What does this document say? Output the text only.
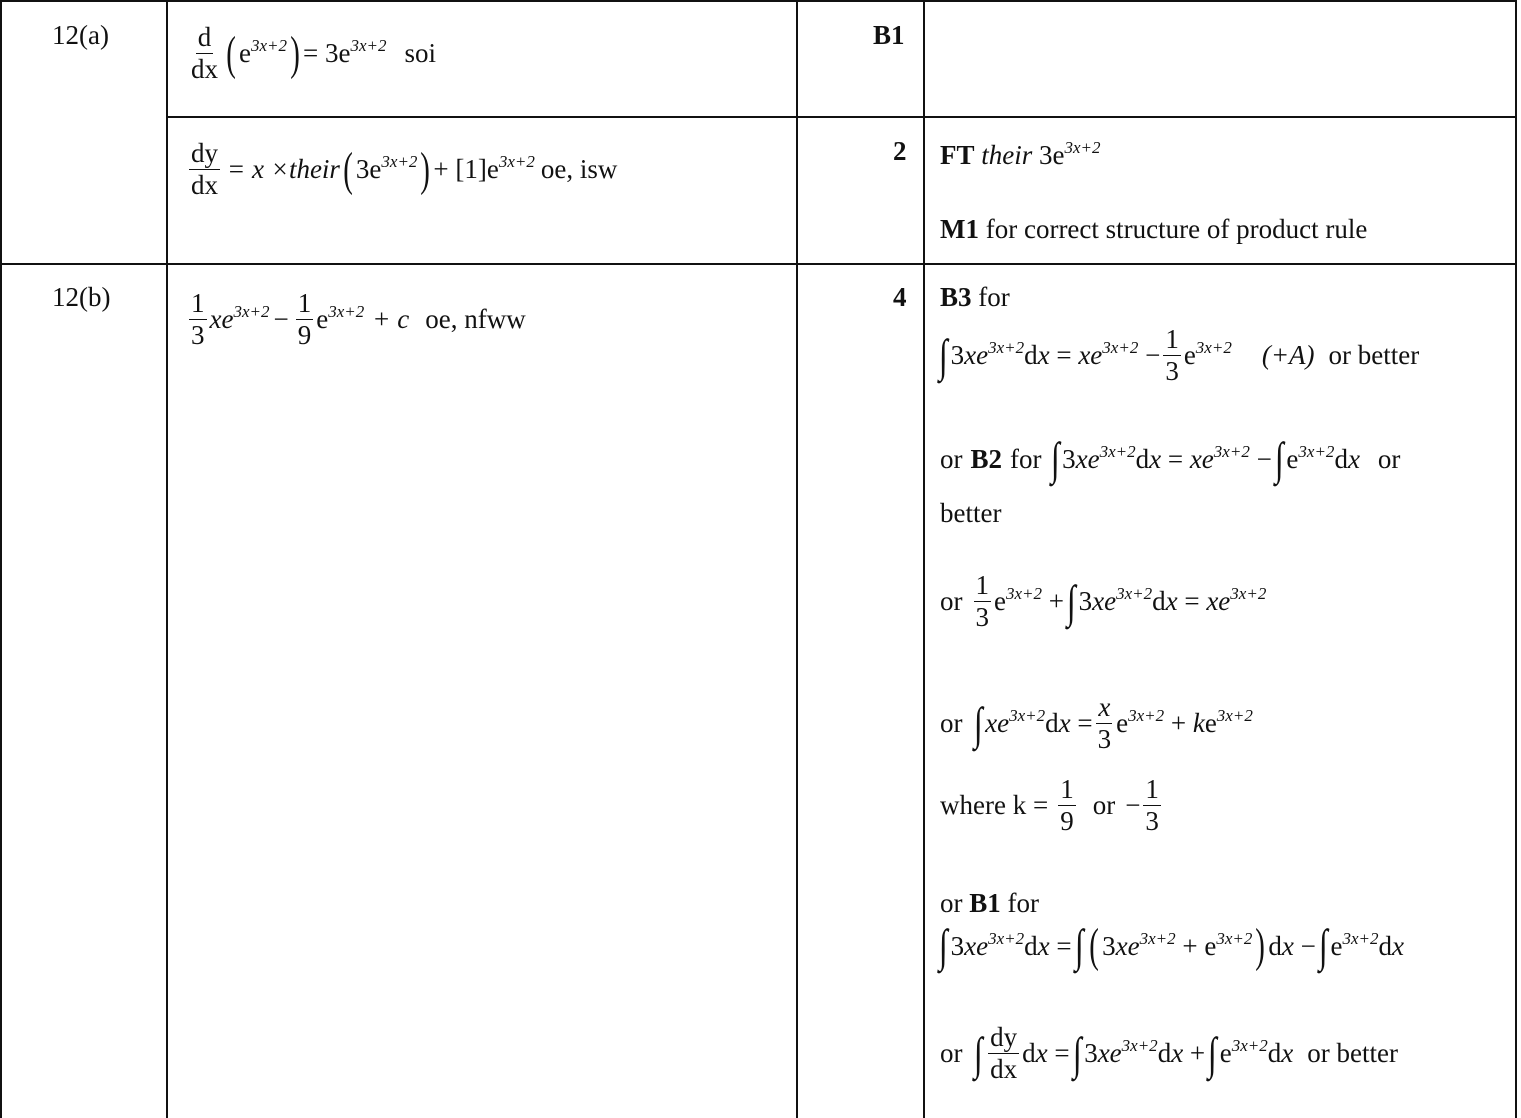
12(a)	$\frac{d}{dx}$ ( $e^{3x+2}$ ) = $3e^{3x+2}$ soi
B1
$\frac{dy}{dx} = x$ × their ( $3e^{3x+2}$ ) + $[1]e^{3x+2}$ oe, isw
2 FT their $3e^{3x+2}$
M1 for correct structure of product rule
12(b)	$\frac{1}{3} xe^{3x+2} - \frac{1}{9} e^{3x+2} + c$ oe, nfww
4 B3 for
∫ $3xe^{3x+2}dx = xe^{3x+2} - \frac{1}{3} e^{3x+2}$ (+A) or better
or B2 for ∫ $3xe^{3x+2}dx = xe^{3x+2}$ − ∫ $e^{3x+2}dx$ or
better
or $\frac{1}{3} e^{3x+2}$ + ∫ $3xe^{3x+2}dx = xe^{3x+2}$
or ∫ $xe^{3x+2}dx = \frac{x}{3} e^{3x+2} + ke^{3x+2}$
where $k = \frac{1}{9}$ or − $\frac{1}{3}$
or B1 for
∫ $3xe^{3x+2}dx$ = ∫ ( $3xe^{3x+2} + e^{3x+2}$ ) dx − ∫ $e^{3x+2}dx$
or ∫ $\frac{dy}{dx}$ dx = ∫ $3xe^{3x+2}dx$ + ∫ $e^{3x+2}dx$ or better
